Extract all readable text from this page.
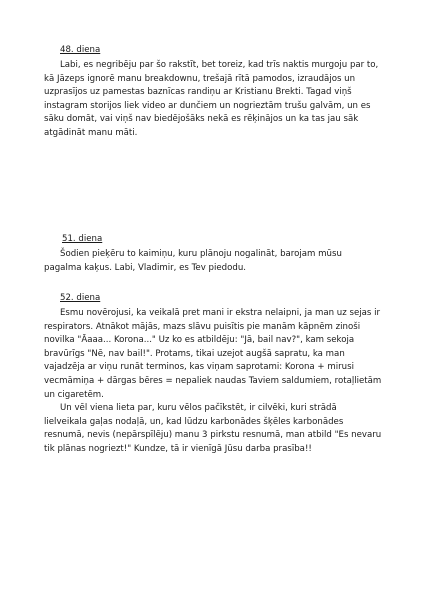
48. diena

Labi, es negribēju par šo rakstīt, bet toreiz, kad trīs naktis murgoju par to, kā Jāzeps ignorē manu breakdownu, trešajā rītā pamodos, izraudājos un uzprasījos uz pamestas baznīcas randiņu ar Kristianu Brekti. Tagad viņš instagram storijos liek video ar dunčiem un nogrieztām trušu galvām, un es sāku domāt, vai viņš nav biedējošāks nekā es rēķinājos un ka tas jau sāk atgādināt manu māti.

51. diena

Šodien pieķēru to kaimiņu, kuru plānoju nogalināt, barojam mūsu pagalma kaķus. Labi, Vladimir, es Tev piedodu.

52. diena

Esmu novērojusi, ka veikalā pret mani ir ekstra nelaipni, ja man uz sejas ir respirators. Atnākot mājās, mazs slāvu puisītis pie manām kāpnēm zinoši novilka "Āaaa... Korona..." Uz ko es atbildēju: "Jā, bail nav?", kam sekoja bravūrīgs "Nē, nav bail!". Protams, tikai uzejot augšā sapratu, ka man vajadzēja ar viņu runāt terminos, kas viņam saprotami: Korona + mirusi vecmāmiņa + dārgas bēres = nepaliek naudas Taviem saldumiem, rotaļlietām un cigaretēm.

Un vēl viena lieta par, kuru vēlos pačīkstēt, ir cilvēki, kuri strādā lielveikala gaļas nodaļā, un, kad lūdzu karbonādes šķēles karbonādes resnumā, nevis (nepārspīlēju) manu 3 pirkstu resnumā, man atbild "Es nevaru tik plānas nogriezt!" Kundze, tā ir vienīgā Jūsu darba prasība!!
